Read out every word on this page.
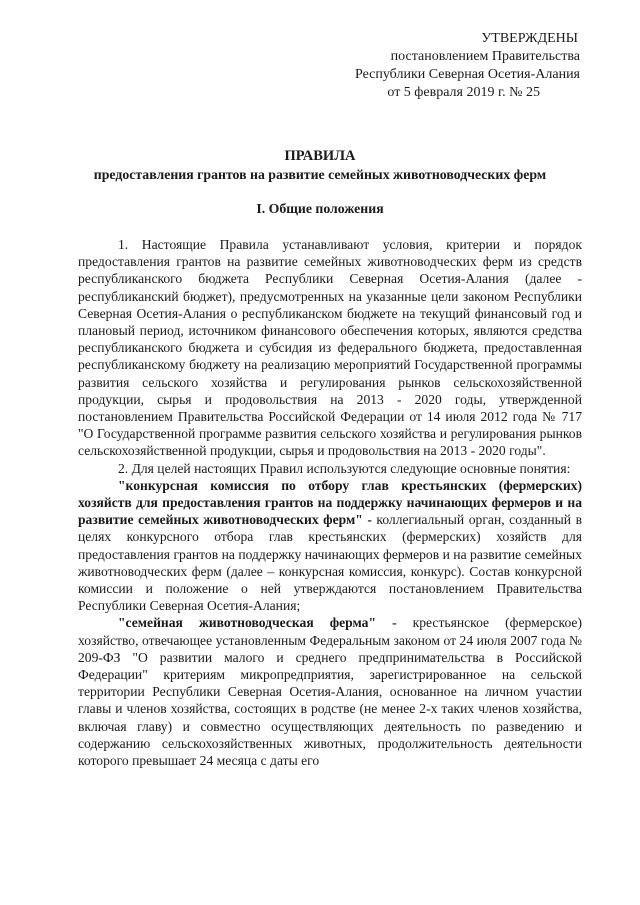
УТВЕРЖДЕНЫ
постановлением Правительства
Республики Северная Осетия-Алания
от 5 февраля 2019 г. № 25
ПРАВИЛА
предоставления грантов на развитие семейных животноводческих ферм
I. Общие положения

1. Настоящие Правила устанавливают условия, критерии и порядок предоставления грантов на развитие семейных животноводческих ферм из средств республиканского бюджета Республики Северная Осетия-Алания (далее - республиканский бюджет), предусмотренных на указанные цели законом Республики Северная Осетия-Алания о республиканском бюджете на текущий финансовый год и плановый период, источником финансового обеспечения которых, являются средства республиканского бюджета и субсидия из федерального бюджета, предоставленная республиканскому бюджету на реализацию мероприятий Государственной программы развития сельского хозяйства и регулирования рынков сельскохозяйственной продукции, сырья и продовольствия на 2013 - 2020 годы, утвержденной постановлением Правительства Российской Федерации от 14 июля 2012 года № 717 "О Государственной программе развития сельского хозяйства и регулирования рынков сельскохозяйственной продукции, сырья и продовольствия на 2013 - 2020 годы".

2. Для целей настоящих Правил используются следующие основные понятия:

"конкурсная комиссия по отбору глав крестьянских (фермерских) хозяйств для предоставления грантов на поддержку начинающих фермеров и на развитие семейных животноводческих ферм" - коллегиальный орган, созданный в целях конкурсного отбора глав крестьянских (фермерских) хозяйств для предоставления грантов на поддержку начинающих фермеров и на развитие семейных животноводческих ферм (далее – конкурсная комиссия, конкурс). Состав конкурсной комиссии и положение о ней утверждаются постановлением Правительства Республики Северная Осетия-Алания;

"семейная животноводческая ферма" - крестьянское (фермерское) хозяйство, отвечающее установленным Федеральным законом от 24 июля 2007 года № 209-ФЗ "О развитии малого и среднего предпринимательства в Российской Федерации" критериям микропредприятия, зарегистрированное на сельской территории Республики Северная Осетия-Алания, основанное на личном участии главы и членов хозяйства, состоящих в родстве (не менее 2-х таких членов хозяйства, включая главу) и совместно осуществляющих деятельность по разведению и содержанию сельскохозяйственных животных, продолжительность деятельности которого превышает 24 месяца с даты его
